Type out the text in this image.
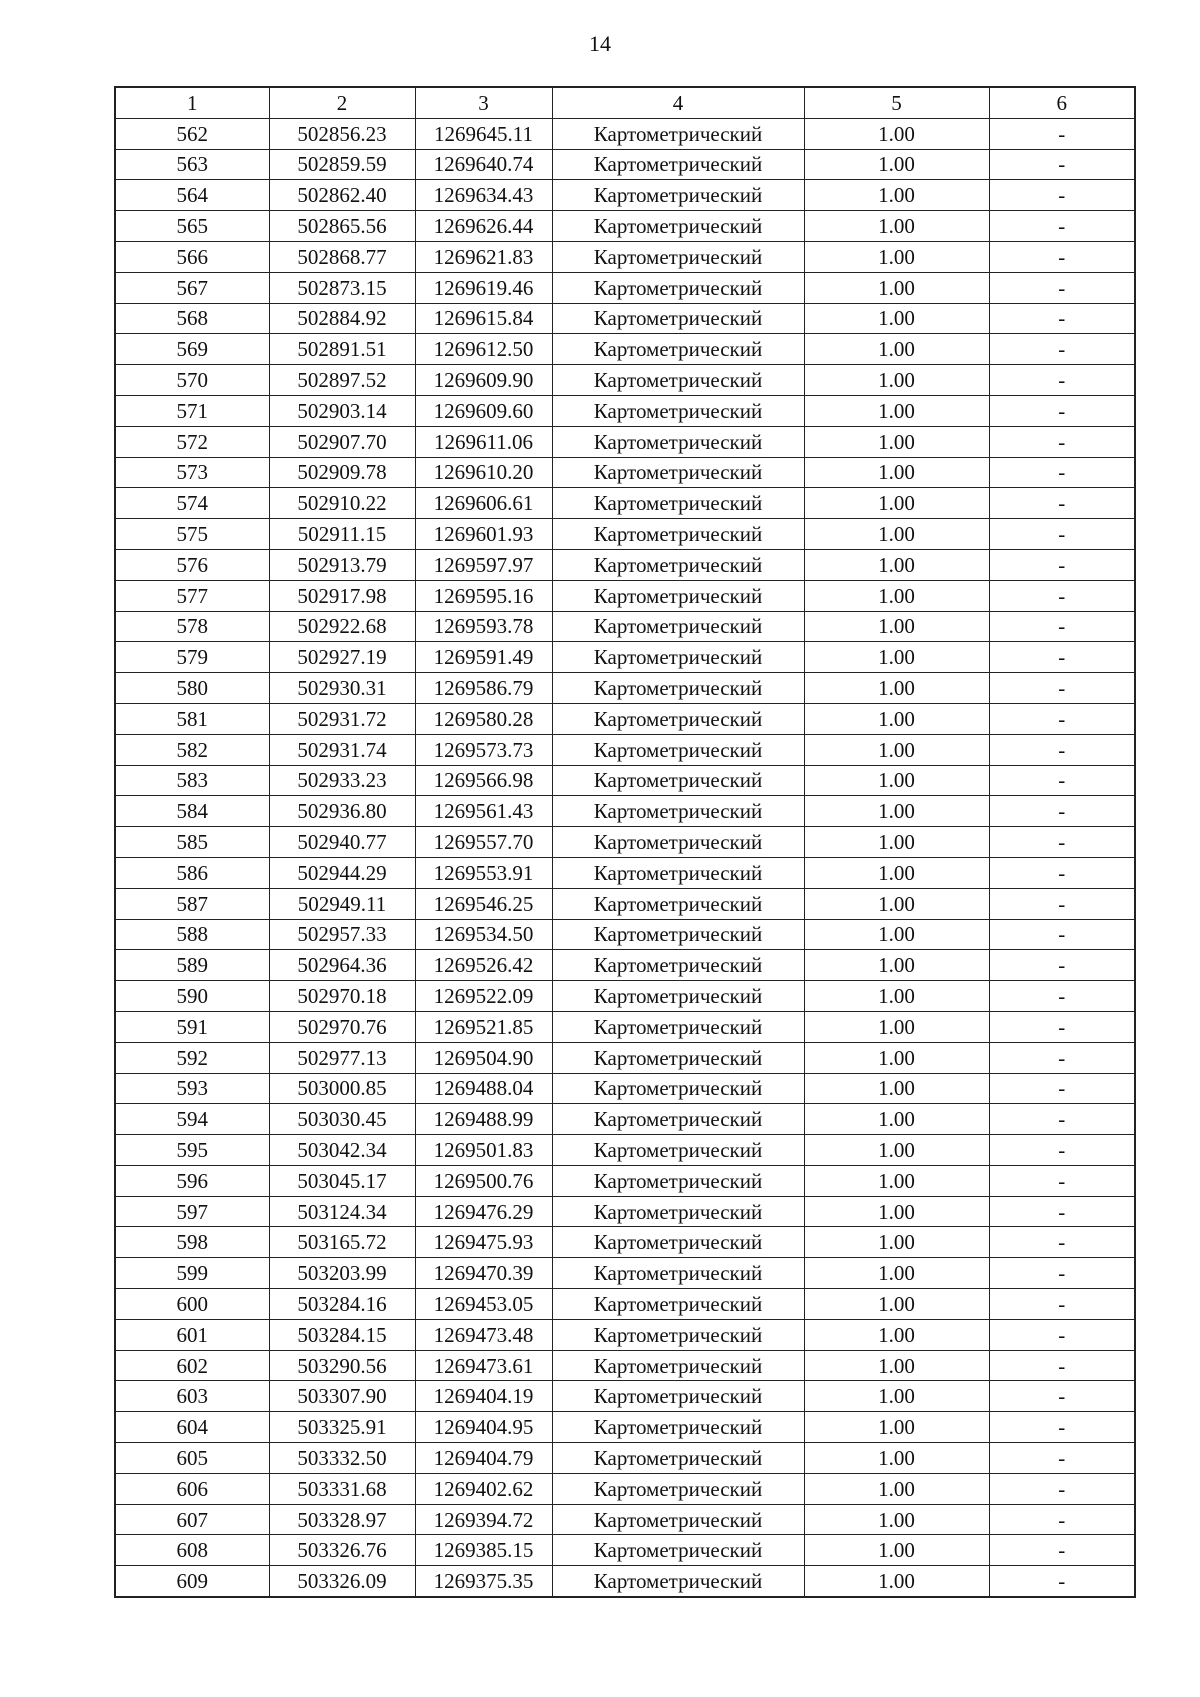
14
1	2	3	4	5	6
562	502856.23	1269645.11	Картометрический	1.00	-
563	502859.59	1269640.74	Картометрический	1.00	-
564	502862.40	1269634.43	Картометрический	1.00	-
565	502865.56	1269626.44	Картометрический	1.00	-
566	502868.77	1269621.83	Картометрический	1.00	-
567	502873.15	1269619.46	Картометрический	1.00	-
568	502884.92	1269615.84	Картометрический	1.00	-
569	502891.51	1269612.50	Картометрический	1.00	-
570	502897.52	1269609.90	Картометрический	1.00	-
571	502903.14	1269609.60	Картометрический	1.00	-
572	502907.70	1269611.06	Картометрический	1.00	-
573	502909.78	1269610.20	Картометрический	1.00	-
574	502910.22	1269606.61	Картометрический	1.00	-
575	502911.15	1269601.93	Картометрический	1.00	-
576	502913.79	1269597.97	Картометрический	1.00	-
577	502917.98	1269595.16	Картометрический	1.00	-
578	502922.68	1269593.78	Картометрический	1.00	-
579	502927.19	1269591.49	Картометрический	1.00	-
580	502930.31	1269586.79	Картометрический	1.00	-
581	502931.72	1269580.28	Картометрический	1.00	-
582	502931.74	1269573.73	Картометрический	1.00	-
583	502933.23	1269566.98	Картометрический	1.00	-
584	502936.80	1269561.43	Картометрический	1.00	-
585	502940.77	1269557.70	Картометрический	1.00	-
586	502944.29	1269553.91	Картометрический	1.00	-
587	502949.11	1269546.25	Картометрический	1.00	-
588	502957.33	1269534.50	Картометрический	1.00	-
589	502964.36	1269526.42	Картометрический	1.00	-
590	502970.18	1269522.09	Картометрический	1.00	-
591	502970.76	1269521.85	Картометрический	1.00	-
592	502977.13	1269504.90	Картометрический	1.00	-
593	503000.85	1269488.04	Картометрический	1.00	-
594	503030.45	1269488.99	Картометрический	1.00	-
595	503042.34	1269501.83	Картометрический	1.00	-
596	503045.17	1269500.76	Картометрический	1.00	-
597	503124.34	1269476.29	Картометрический	1.00	-
598	503165.72	1269475.93	Картометрический	1.00	-
599	503203.99	1269470.39	Картометрический	1.00	-
600	503284.16	1269453.05	Картометрический	1.00	-
601	503284.15	1269473.48	Картометрический	1.00	-
602	503290.56	1269473.61	Картометрический	1.00	-
603	503307.90	1269404.19	Картометрический	1.00	-
604	503325.91	1269404.95	Картометрический	1.00	-
605	503332.50	1269404.79	Картометрический	1.00	-
606	503331.68	1269402.62	Картометрический	1.00	-
607	503328.97	1269394.72	Картометрический	1.00	-
608	503326.76	1269385.15	Картометрический	1.00	-
609	503326.09	1269375.35	Картометрический	1.00	-
